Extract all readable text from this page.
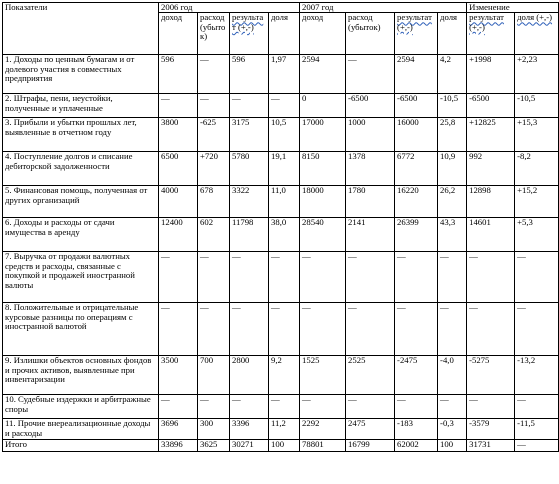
Показатели	2006 год				2007 год				Изменение	
	доход	расход (убыток)	результат (+,-)	доля	доход	расход (убыток)	результат (+,-)	доля	результат (+,-)	доля (+,-)
1. Доходы по ценным бумагам и от долевого участия в совместных предприятия	596	—	596	1,97	2594	—	2594	4,2	+1998	+2,23
2. Штрафы, пени, неустойки, полученные и уплаченные	—	—	—	—	0	-6500	-6500	-10,5	-6500	-10,5
3. Прибыли и убытки прошлых лет, выявленные в отчетном году	3800	-625	3175	10,5	17000	1000	16000	25,8	+12825	+15,3
4. Поступление долгов и списание дебиторской задолженности	6500	+720	5780	19,1	8150	1378	6772	10,9	992	-8,2
5. Финансовая помощь, полученная от других организаций	4000	678	3322	11,0	18000	1780	16220	26,2	12898	+15,2
6. Доходы и расходы от сдачи имущества в аренду	12400	602	11798	38,0	28540	2141	26399	43,3	14601	+5,3
7. Выручка от продажи валютных средств и расходы, связанные с покупкой и продажей иностранной валюты	—	—	—	—	—	—	—	—	—	—
8. Положительные и отрицательные курсовые разницы по операциям с иностранной валютой	—	—	—	—	—	—	—	—	—	—
9. Излишки объектов основных фондов и прочих активов, выявленные при инвентаризации	3500	700	2800	9,2	1525	2525	-2475	-4,0	-5275	-13,2
10. Судебные издержки и арбитражные споры	—	—	—	—	—	—	—	—	—	—
11. Прочие внереализационные доходы и расходы	3696	300	3396	11,2	2292	2475	-183	-0,3	-3579	-11,5
Итого	33896	3625	30271	100	78801	16799	62002	100	31731	—
